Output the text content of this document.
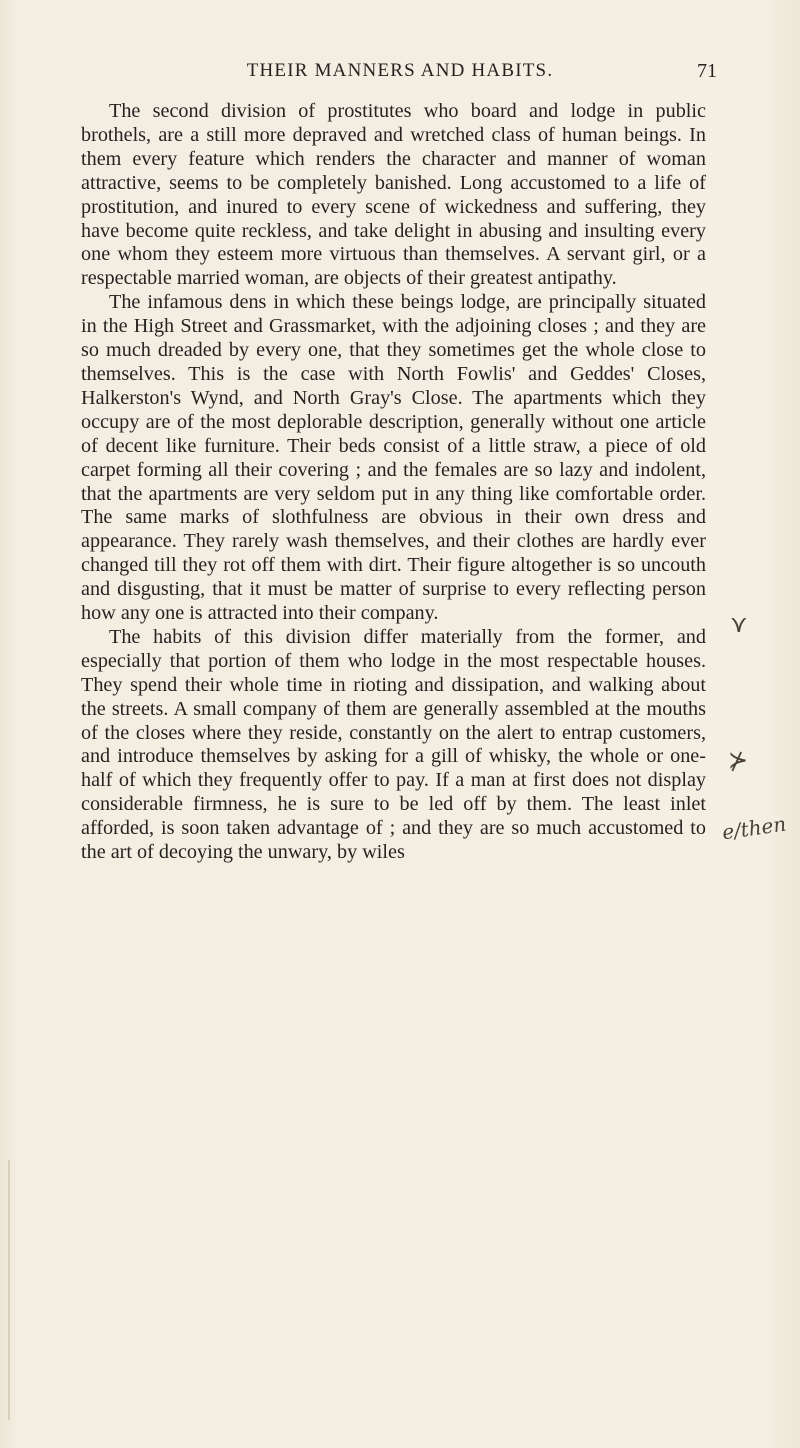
THEIR MANNERS AND HABITS.	71

The second division of prostitutes who board and lodge in public brothels, are a still more depraved and wretched class of human beings. In them every feature which renders the character and manner of woman attractive, seems to be completely banished. Long accustomed to a life of prostitution, and inured to every scene of wickedness and suffering, they have become quite reckless, and take delight in abusing and insulting every one whom they esteem more virtuous than themselves. A servant girl, or a respectable married woman, are objects of their greatest antipathy.

The infamous dens in which these beings lodge, are principally situated in the High Street and Grassmarket, with the adjoining closes ; and they are so much dreaded by every one, that they sometimes get the whole close to themselves. This is the case with North Fowlis' and Geddes' Closes, Halkerston's Wynd, and North Gray's Close. The apartments which they occupy are of the most deplorable description, generally without one article of decent like furniture. Their beds consist of a little straw, a piece of old carpet forming all their covering ; and the females are so lazy and indolent, that the apartments are very seldom put in any thing like comfortable order. The same marks of slothfulness are obvious in their own dress and appearance. They rarely wash themselves, and their clothes are hardly ever changed till they rot off them with dirt. Their figure altogether is so uncouth and disgusting, that it must be matter of surprise to every reflecting person how any one is attracted into their company.

The habits of this division differ materially from the former, and especially that portion of them who lodge in the most respectable houses. They spend their whole time in rioting and dissipation, and walking about the streets. A small company of them are generally assembled at the mouths of the closes where they reside, constantly on the alert to entrap customers, and introduce themselves by asking for a gill of whisky, the whole or one-half of which they frequently offer to pay. If a man at first does not display considerable firmness, he is sure to be led off by them. The least inlet afforded, is soon taken advantage of ; and they are so much accustomed to the art of decoying the unwary, by wiles

⋎
⊁
e/then
